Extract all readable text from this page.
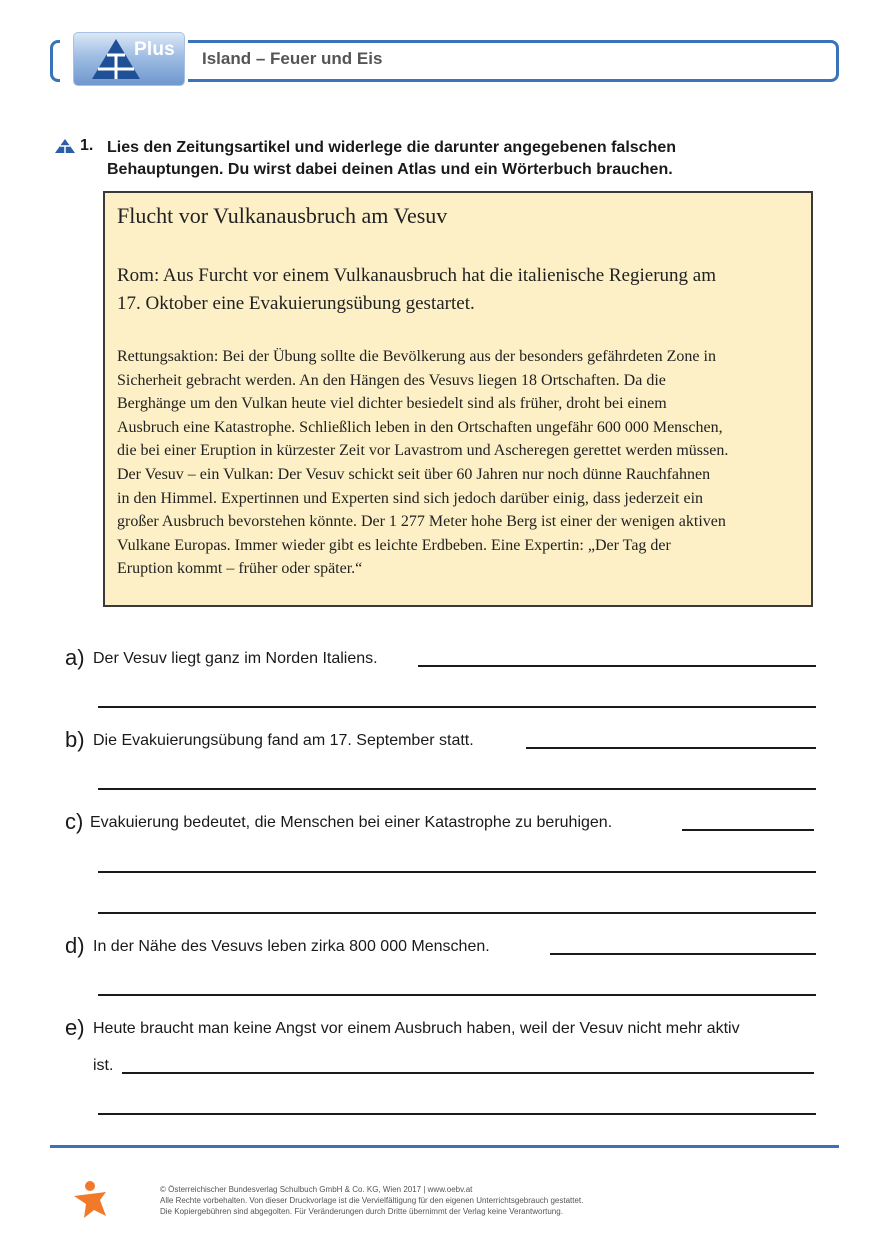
Plus Island – Feuer und Eis
1. Lies den Zeitungsartikel und widerlege die darunter angegebenen falschen
Behauptungen. Du wirst dabei deinen Atlas und ein Wörterbuch brauchen.
Flucht vor Vulkanausbruch am Vesuv
Rom: Aus Furcht vor einem Vulkanausbruch hat die italienische Regierung am
17. Oktober eine Evakuierungsübung gestartet.

Rettungsaktion: Bei der Übung sollte die Bevölkerung aus der besonders gefährdeten Zone in

Sicherheit gebracht werden. An den Hängen des Vesuvs liegen 18 Ortschaften. Da die

Berghänge um den Vulkan heute viel dichter besiedelt sind als früher, droht bei einem

Ausbruch eine Katastrophe. Schließlich leben in den Ortschaften ungefähr 600 000 Menschen,

die bei einer Eruption in kürzester Zeit vor Lavastrom und Ascheregen gerettet werden müssen.

Der Vesuv – ein Vulkan: Der Vesuv schickt seit über 60 Jahren nur noch dünne Rauchfahnen

in den Himmel. Expertinnen und Experten sind sich jedoch darüber einig, dass jederzeit ein

großer Ausbruch bevorstehen könnte. Der 1 277 Meter hohe Berg ist einer der wenigen aktiven

Vulkane Europas. Immer wieder gibt es leichte Erdbeben. Eine Expertin: „Der Tag der

Eruption kommt – früher oder später.“

a) Der Vesuv liegt ganz im Norden Italiens.
b) Die Evakuierungsübung fand am 17. September statt.
c) Evakuierung bedeutet, die Menschen bei einer Katastrophe zu beruhigen.
d) In der Nähe des Vesuvs leben zirka 800 000 Menschen.
e) Heute braucht man keine Angst vor einem Ausbruch haben, weil der Vesuv nicht mehr aktiv
ist.
© Österreichischer Bundesverlag Schulbuch GmbH & Co. KG, Wien 2017 | www.oebv.at
Alle Rechte vorbehalten. Von dieser Druckvorlage ist die Vervielfältigung für den eigenen Unterrichtsgebrauch gestattet.
Die Kopiergebühren sind abgegolten. Für Veränderungen durch Dritte übernimmt der Verlag keine Verantwortung.
